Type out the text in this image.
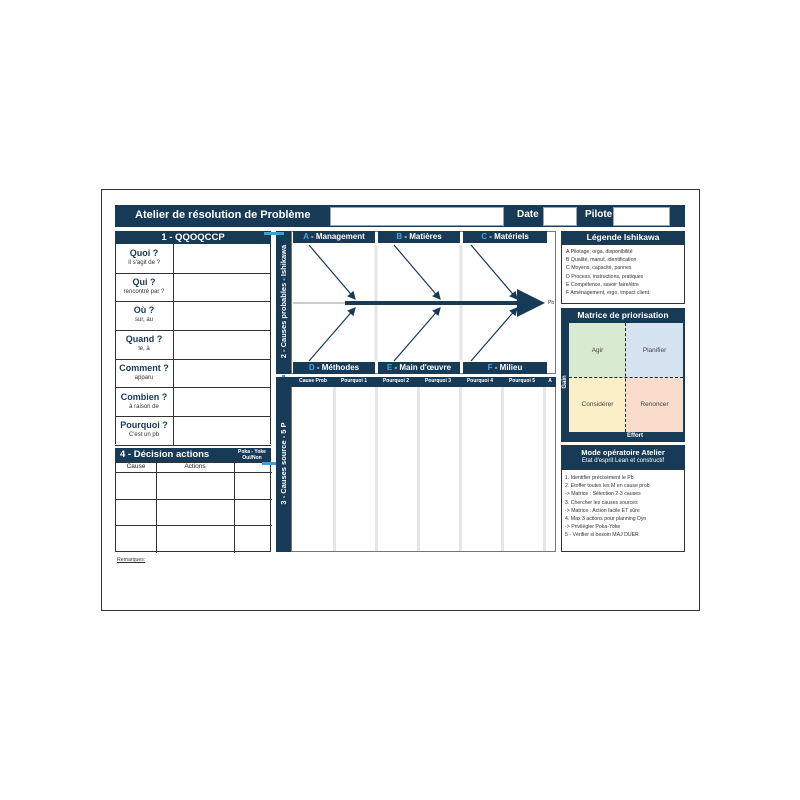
Atelier de résolution de Problème	Date	Pilote
1 - QQOQCCP
Quoi ?
Il s'agit de ?
Qui ?
rencontré par ?
Où ?
sur, au
Quand ?
le, à
Comment ?
apparu
Combien ?
à raison de
Pourquoi ?
C'est un pb
4 - Décision actions	Poka - Yoke Oui/Non
Cause	Actions
Remarques:
2 - Causes probables - Ishikawa
A - Management	B - Matières	C - Matériels
D - Méthodes	E - Main d'œuvre	F - Milieu
Pb
3 - Causes source - 5 P
Cause Prob	Pourquoi 1	Pourquoi 2	Pourquoi 3	Pourquoi 4	Pourquoi 5	A
Légende Ishikawa
A Pilotage, orga, disponibilité
B Qualité, manut, identification
C Moyens, capacité, pannes
D Process, instructions, pratiques
E Compétence, savoir faire/être
F Aménagement, ergo, impact client
Matrice de priorisation
Gain
Effort
Agir	Planifier
Considérer	Renoncer
Mode opératoire Atelier
Etat d'esprit Lean et constructif
1. Identifier précisément le Pb
2. Etoffer toutes les M en cause prob
-> Matrice : Sélection 2-3 causes
3. Chercher les causes sources
-> Matrice : Action facile ET sûre
4. Max 3 actions pour planning Dyn
-> Privilégier Poka-Yoke
5 - Vérifier si besoin MAJ DUER
